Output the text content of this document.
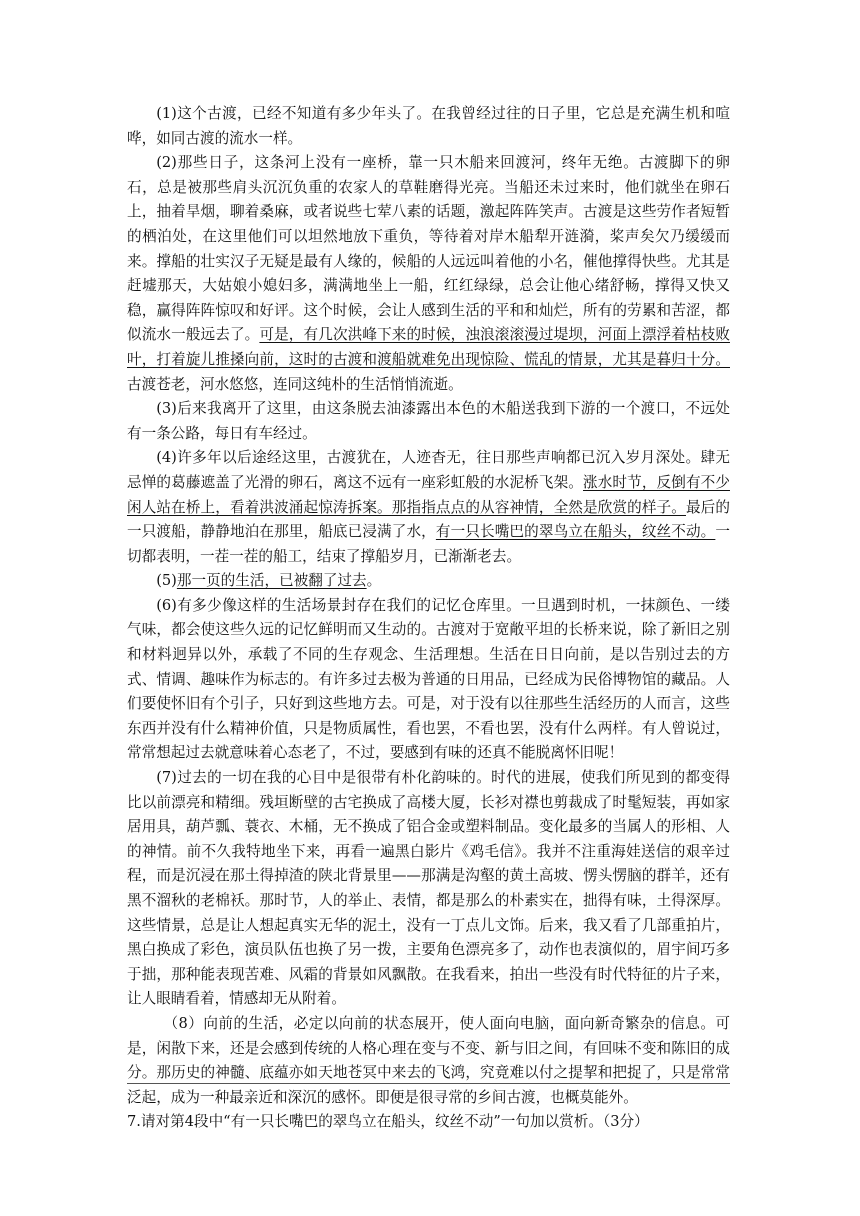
(1)这个古渡，已经不知道有多少年头了。在我曾经过往的日子里，它总是充满生机和喧哗，如同古渡的流水一样。

(2)那些日子，这条河上没有一座桥，靠一只木船来回渡河，终年无绝。古渡脚下的卵石，总是被那些肩头沉沉负重的农家人的草鞋磨得光亮。当船还未过来时，他们就坐在卵石上，抽着旱烟，聊着桑麻，或者说些七荤八素的话题，激起阵阵笑声。古渡是这些劳作者短暂的栖泊处，在这里他们可以坦然地放下重负，等待着对岸木船犁开涟漪，桨声矣欠乃缓缓而来。撑船的壮实汉子无疑是最有人缘的，候船的人远远叫着他的小名，催他撑得快些。尤其是赶墟那天，大姑娘小媳妇多，满满地坐上一船，红红绿绿，总会让他心绪舒畅，撑得又快又稳，赢得阵阵惊叹和好评。这个时候，会让人感到生活的平和和灿烂，所有的劳累和苦涩，都似流水一般远去了。可是，有几次洪峰下来的时候，浊浪滚滚漫过堤坝，河面上漂浮着枯枝败叶，打着旋儿推搡向前，这时的古渡和渡船就难免出现惊险、慌乱的情景，尤其是暮归十分。古渡苍老，河水悠悠，连同这纯朴的生活悄悄流逝。

(3)后来我离开了这里，由这条脱去油漆露出本色的木船送我到下游的一个渡口，不远处有一条公路，每日有车经过。

(4)许多年以后途经这里，古渡犹在，人迹杳无，往日那些声响都已沉入岁月深处。肆无忌惮的葛藤遮盖了光滑的卵石，离这不远有一座彩虹般的水泥桥飞架。涨水时节，反倒有不少闲人站在桥上，看着洪波涌起惊涛拆案。那指指点点的从容神情，全然是欣赏的样子。最后的一只渡船，静静地泊在那里，船底已浸满了水，有一只长嘴巴的翠鸟立在船头，纹丝不动。一切都表明，一茬一茬的船工，结束了撑船岁月，已渐渐老去。

(5)那一页的生活，已被翻了过去。

(6)有多少像这样的生活场景封存在我们的记忆仓库里。一旦遇到时机，一抹颜色、一缕气味，都会使这些久远的记忆鲜明而又生动的。古渡对于宽敞平坦的长桥来说，除了新旧之别和材料迥异以外，承载了不同的生存观念、生活理想。生活在日日向前，是以告别过去的方式、情调、趣味作为标志的。有许多过去极为普通的日用品，已经成为民俗博物馆的藏品。人们要使怀旧有个引子，只好到这些地方去。可是，对于没有以往那些生活经历的人而言，这些东西并没有什么精神价值，只是物质属性，看也罢，不看也罢，没有什么两样。有人曾说过，常常想起过去就意味着心态老了，不过，要感到有味的还真不能脱离怀旧呢！

(7)过去的一切在我的心目中是很带有朴化韵味的。时代的进展，使我们所见到的都变得比以前漂亮和精细。残垣断壁的古宅换成了高楼大厦，长衫对襟也剪裁成了时髦短装，再如家居用具，葫芦瓢、蓑衣、木桶，无不换成了铝合金或塑料制品。变化最多的当属人的形相、人的神情。前不久我特地坐下来，再看一遍黑白影片《鸡毛信》。我并不注重海娃送信的艰辛过程，而是沉浸在那土得掉渣的陕北背景里——那满是沟壑的黄土高坡、愣头愣脑的群羊，还有黑不溜秋的老棉袄。那时节，人的举止、表情，都是那么的朴素实在，拙得有味，土得深厚。这些情景，总是让人想起真实无华的泥土，没有一丁点儿文饰。后来，我又看了几部重拍片，黑白换成了彩色，演员队伍也换了另一拨，主要角色漂亮多了，动作也表演似的，眉宇间巧多于拙，那种能表现苦难、风霜的背景如风飘散。在我看来，拍出一些没有时代特征的片子来，让人眼睛看着，情感却无从附着。

（8）向前的生活，必定以向前的状态展开，使人面向电脑，面向新奇繁杂的信息。可是，闲散下来，还是会感到传统的人格心理在变与不变、新与旧之间，有回味不变和陈旧的成分。那历史的神髓、底蕴亦如天地苍冥中来去的飞鸿，究竟难以付之提挈和把捉了，只是常常泛起，成为一种最亲近和深沉的感怀。即便是很寻常的乡间古渡，也概莫能外。

7.请对第4段中“有一只长嘴巴的翠鸟立在船头，纹丝不动”一句加以赏析。（3分）
